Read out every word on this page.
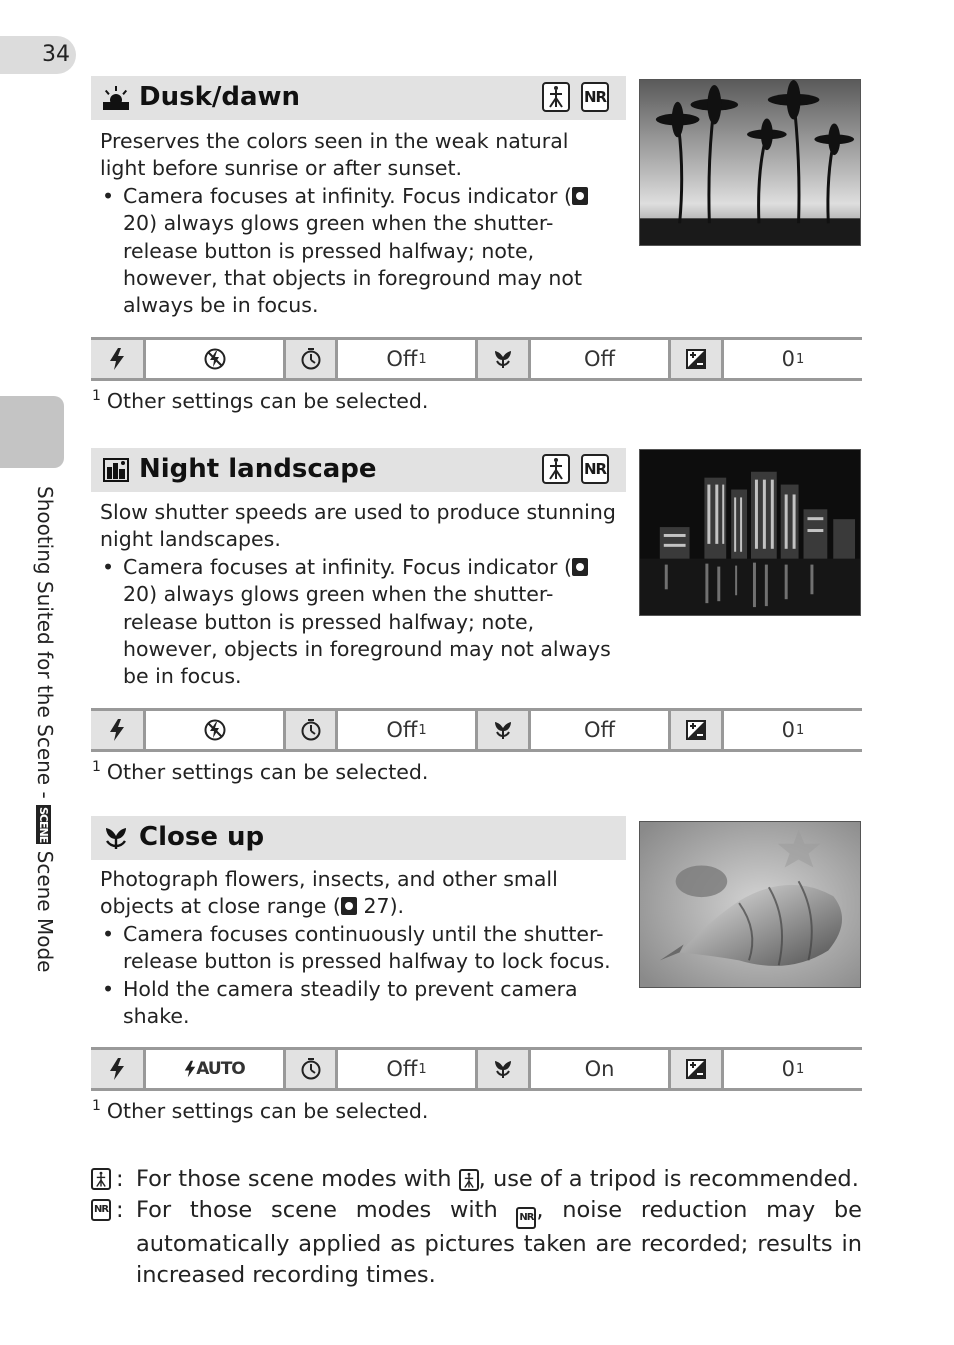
34
Shooting Suited for the Scene - SCENE Scene Mode
Dusk/dawn	NR

Preserves the colors seen in the weak natural light before sunrise or after sunset.

• Camera focuses at infinity. Focus indicator ( 20) always glows green when the shutter-release button is pressed halfway; note, however, that objects in foreground may not always be in focus.
Off 1	Off	0 1
$^1$ Other settings can be selected.
Night landscape	NR

Slow shutter speeds are used to produce stunning night landscapes.

• Camera focuses at infinity. Focus indicator ( 20) always glows green when the shutter-release button is pressed halfway; note, however, objects in foreground may not always be in focus.
Off 1	Off	0 1
$^1$ Other settings can be selected.
Close up

Photograph flowers, insects, and other small objects at close range ( 27).

• Camera focuses continuously until the shutter-release button is pressed halfway to lock focus.
• Hold the camera steadily to prevent camera shake.
AUTO	Off 1	On	0 1
$^1$ Other settings can be selected.
: For those scene modes with , use of a tripod is recommended.
NR : For those scene modes with NR , noise reduction may be automatically applied as pictures taken are recorded; results in increased recording times.
